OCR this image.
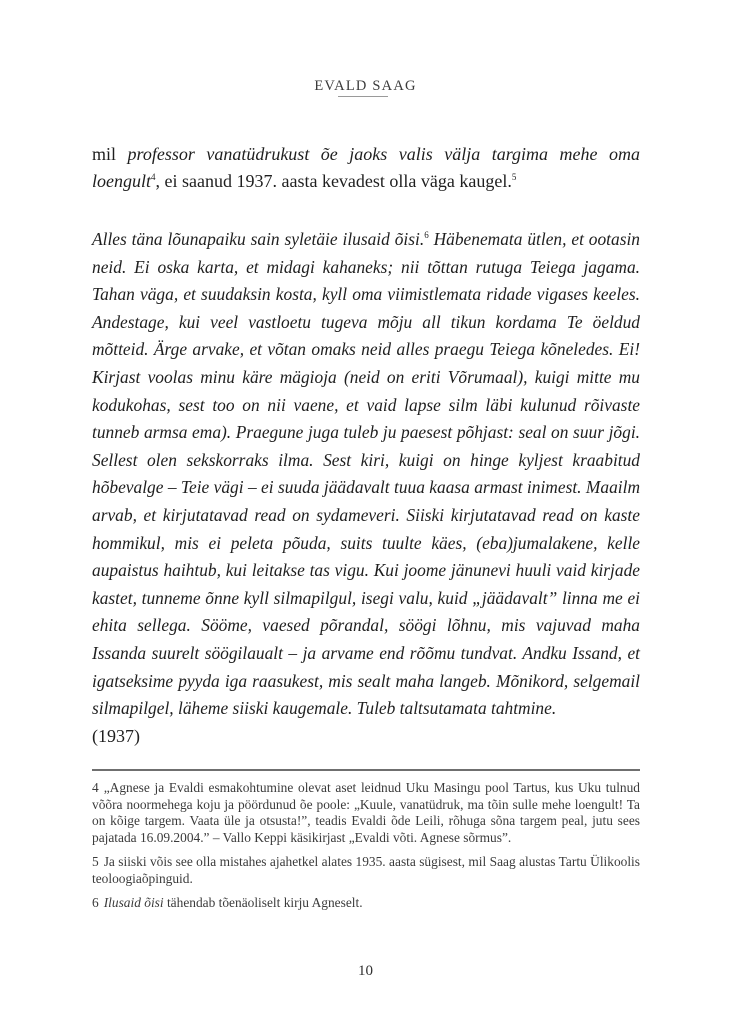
EVALD SAAG

mil professor vanatüdrukust õe jaoks valis välja targima mehe oma loengult$^4$, ei saanud 1937. aasta kevadest olla väga kaugel.$^5$

Alles täna lõunapaiku sain syletäie ilusaid õisi.$^6$ Häbenemata ütlen, et ootasin neid. Ei oska karta, et midagi kahaneks; nii tõttan rutuga Teiega jagama. Tahan väga, et suudaksin kosta, kyll oma viimistlemata ridade vigases keeles. Andestage, kui veel vastloetu tugeva mõju all tikun kordama Te öeldud mõtteid. Ärge arvake, et võtan omaks neid alles praegu Teiega kõneledes. Ei! Kirjast voolas minu käre mägioja (neid on eriti Võrumaal), kuigi mitte mu kodukohas, sest too on nii vaene, et vaid lapse silm läbi kulunud rõivaste tunneb armsa ema). Praegune juga tuleb ju paesest põhjast: seal on suur jõgi. Sellest olen sekskorraks ilma. Sest kiri, kuigi on hinge kyljest kraabitud hõbevalge – Teie vägi – ei suuda jäädavalt tuua kaasa armast inimest. Maailm arvab, et kirjutatavad read on sydameveri. Siiski kirjutatavad read on kaste hommikul, mis ei peleta põuda, suits tuulte käes, (eba)jumalakene, kelle aupaistus haihtub, kui leitakse tas vigu. Kui joome jänunevi huuli vaid kirjade kastet, tunneme õnne kyll silmapilgul, isegi valu, kuid „jäädavalt” linna me ei ehita sellega. Sööme, vaesed põrandal, söögi lõhnu, mis vajuvad maha Issanda suurelt söögilaualt – ja arvame end rõõmu tundvat. Andku Issand, et igatseksime pyyda iga raasukest, mis sealt maha langeb. Mõnikord, selgemail silmapilgel, läheme siiski kaugemale. Tuleb taltsutamata tahtmine.

(1937)

4 „Agnese ja Evaldi esmakohtumine olevat aset leidnud Uku Masingu pool Tartus, kus Uku tulnud võõra noormehega koju ja pöördunud õe poole: „Kuule, vanatüdruk, ma tõin sulle mehe loengult! Ta on kõige targem. Vaata üle ja otsusta!”, teadis Evaldi õde Leili, rõhuga sõna targem peal, jutu sees pajatada 16.09.2004.” – Vallo Keppi käsikirjast „Evaldi võti. Agnese sõrmus”.

5 Ja siiski võis see olla mistahes ajahetkel alates 1935. aasta sügisest, mil Saag alustas Tartu Ülikoolis teoloogiaõpinguid.

6 Ilusaid õisi tähendab tõenäoliselt kirju Agneselt.

10
